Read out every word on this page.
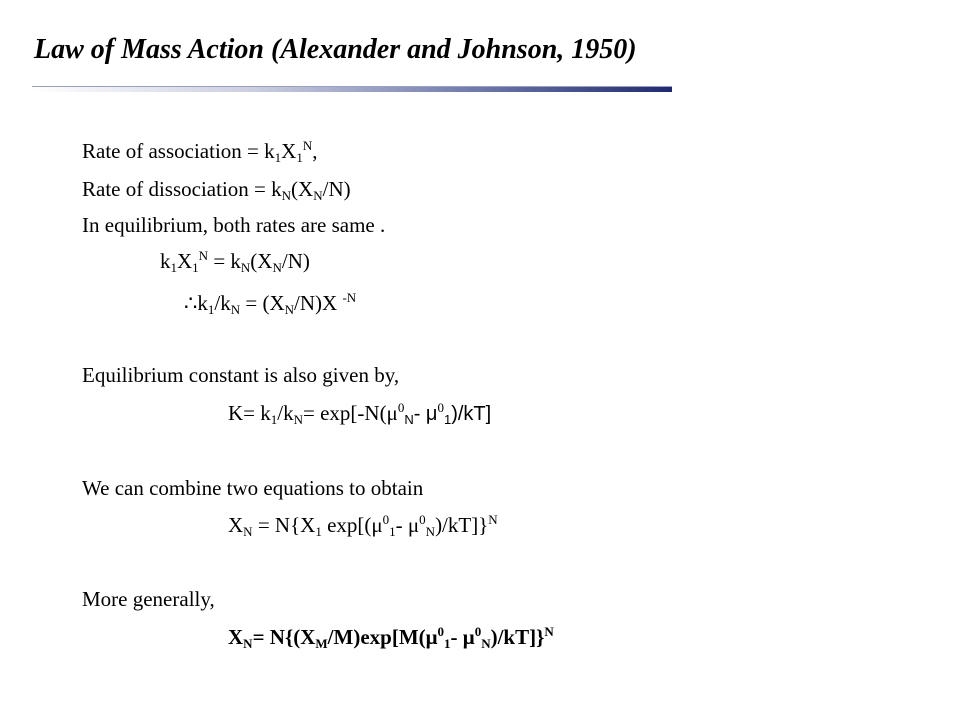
Law of Mass Action (Alexander and Johnson, 1950)
Rate of association = $k_1X_1^N$,
Rate of dissociation = $k_N(X_N/N)$
In equilibrium, both rates are same .
$k_1X_1^N = k_N(X_N/N)$
$\therefore k_1/k_N = (X_N/N)X$ $^{-N}$
Equilibrium constant is also given by,
$K= k_1/k_N= \exp[-N(\mu^0_N-$ $\mu^0_1)/kT$]
We can combine two equations to obtain
$X_N = N\{X_1$ $\exp[(\mu^0_1-$ $\mu^0_N)/kT]\}^N$
More generally,
$X_N= N\{(X_M/M)\exp[M(\mu^0_1-$ $\mu^0_N)/kT]\}^N$
